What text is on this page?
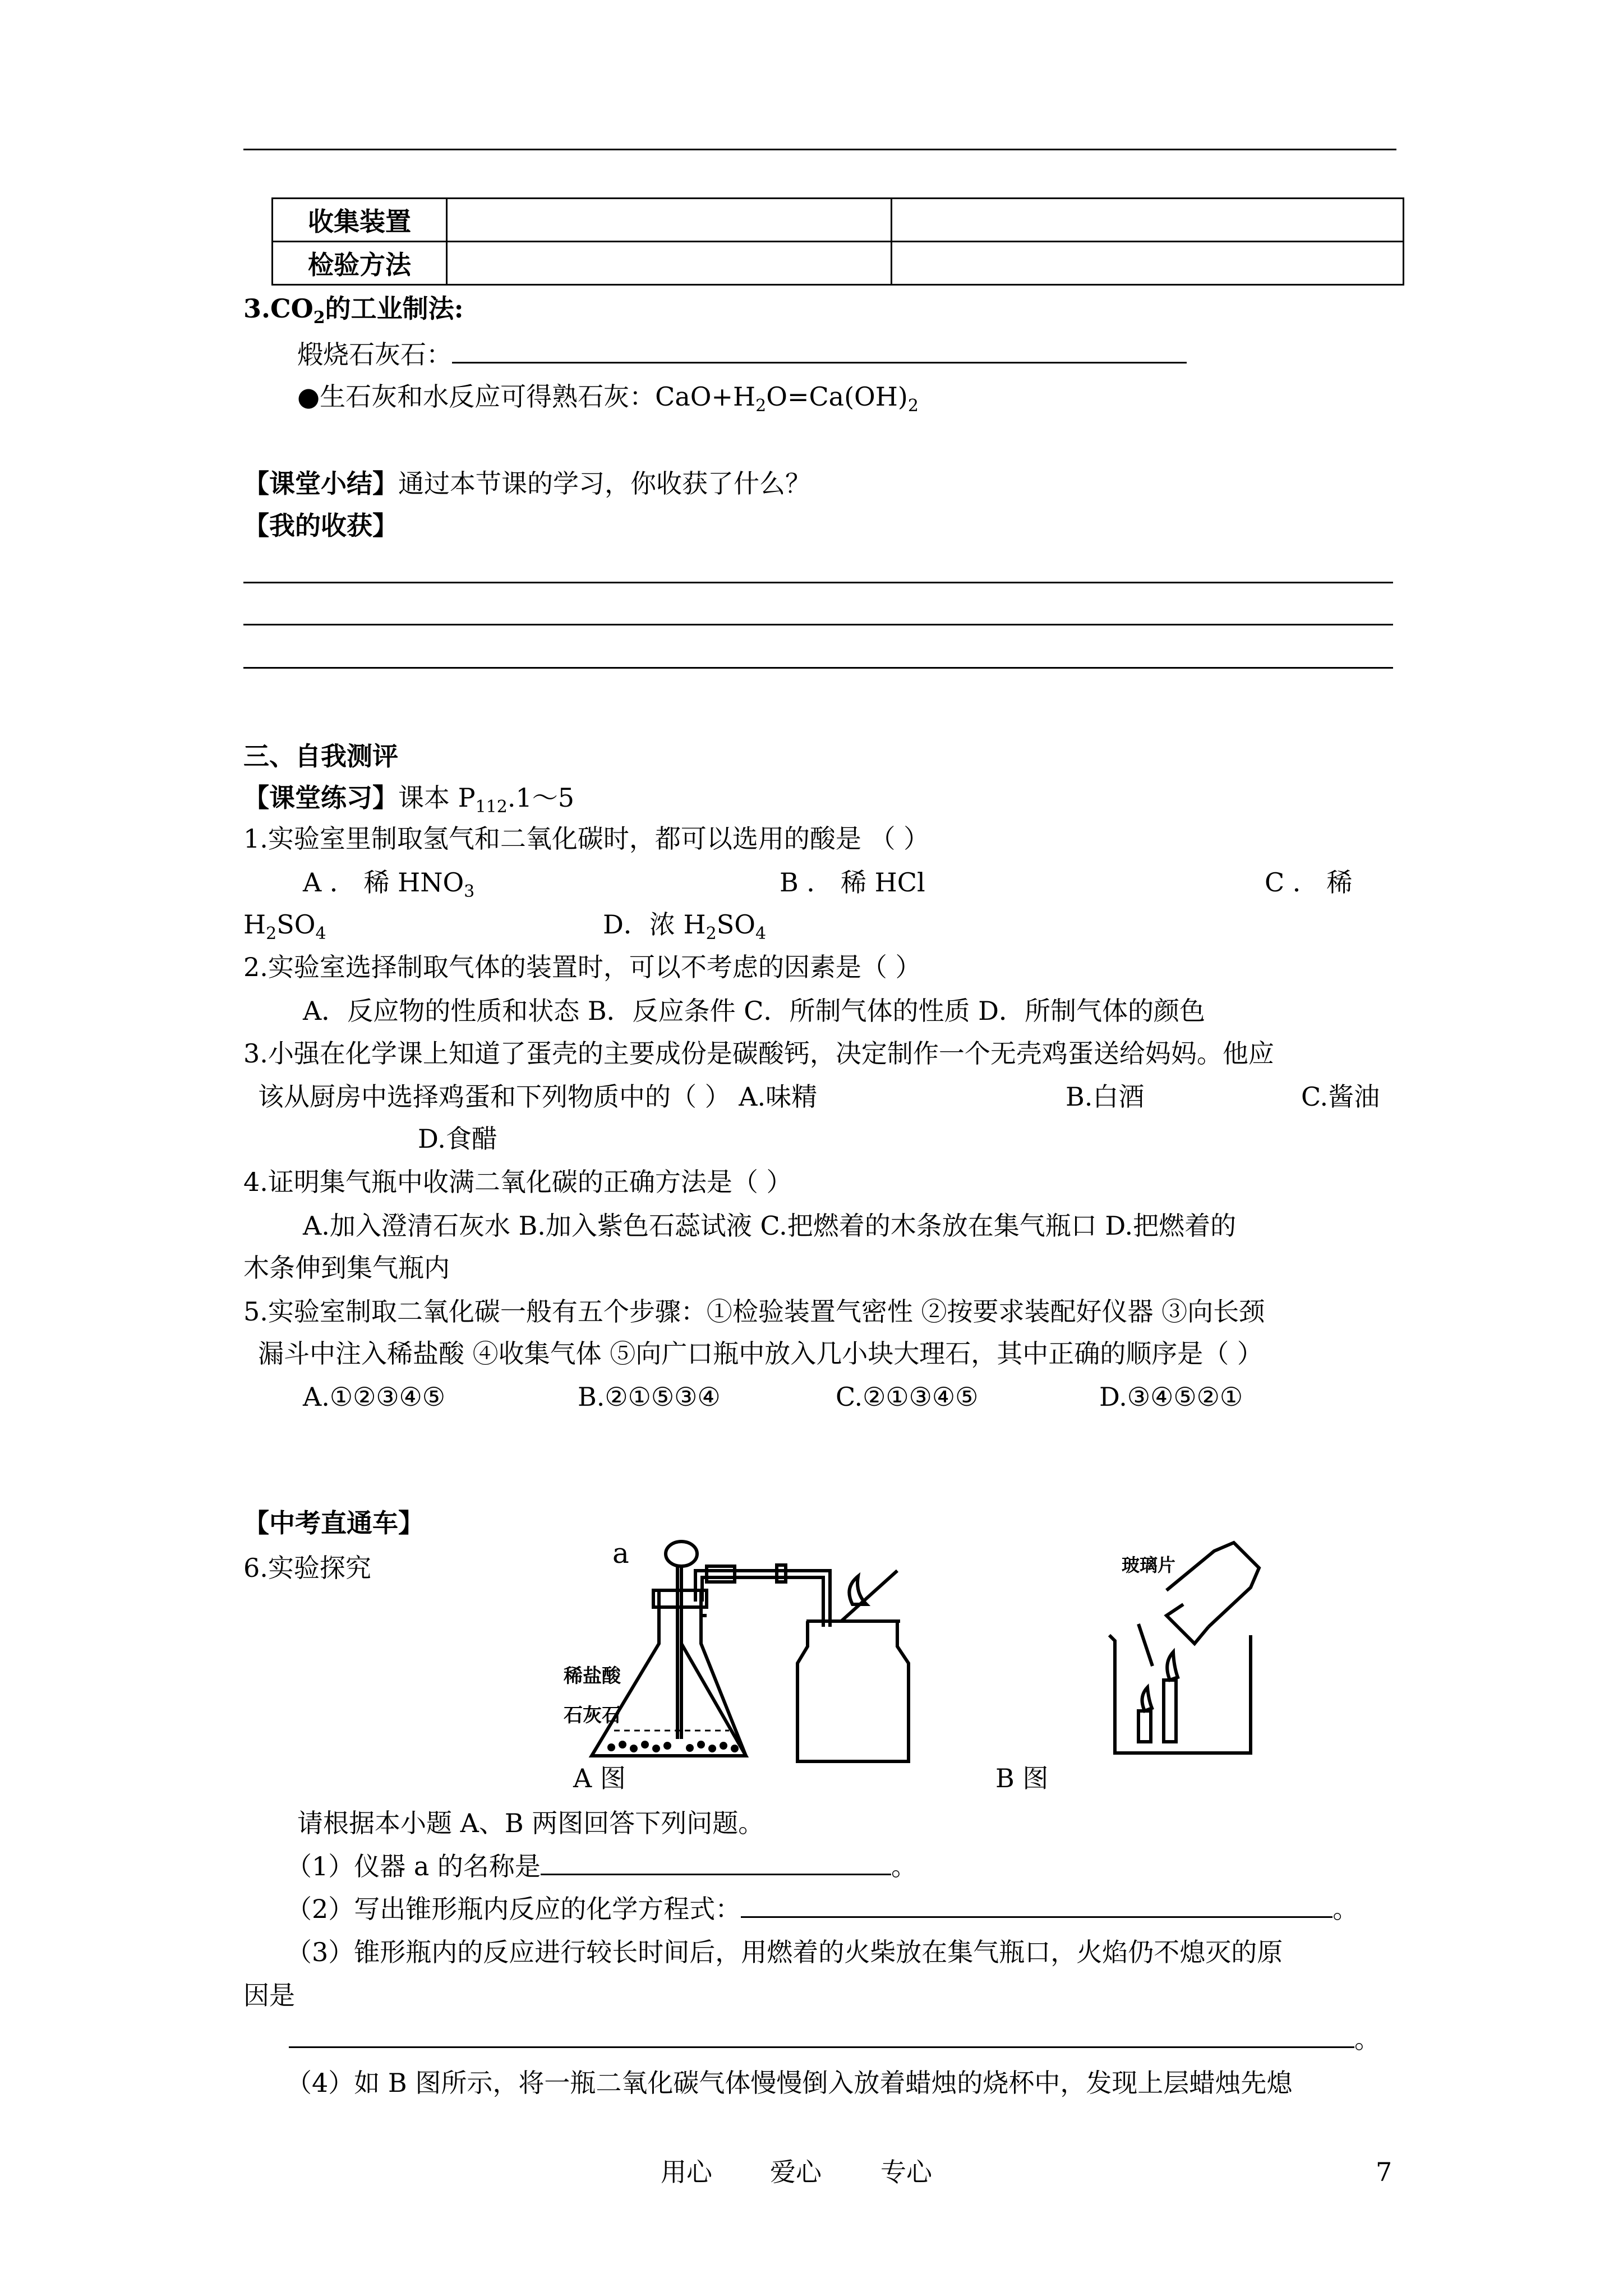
收集装置		
检验方法		
$3.CO_2$的工业制法:
煅烧石灰石：
●生石灰和水反应可得熟石灰：$CaO+H_2O=Ca(OH)_2$
【课堂小结】通过本节课的学习，你收获了什么？
【我的收获】
三、自我测评
【课堂练习】课本 $P_{112}.1\sim 5$
1.实验室里制取氢气和二氧化碳时，都可以选用的酸是 （ ）
A ． 稀 $HNO_3$	B ． 稀 HCl	C ． 稀
$H_2SO_4$	D．浓 $H_2SO_4$
2.实验室选择制取气体的装置时，可以不考虑的因素是（ ）
A．反应物的性质和状态 B．反应条件 C．所制气体的性质 D．所制气体的颜色
3.小强在化学课上知道了蛋壳的主要成份是碳酸钙，决定制作一个无壳鸡蛋送给妈妈。他应
该从厨房中选择鸡蛋和下列物质中的（ ） A.味精	B.白酒	C.酱油
D.食醋
4.证明集气瓶中收满二氧化碳的正确方法是（ ）
A.加入澄清石灰水 B.加入紫色石蕊试液 C.把燃着的木条放在集气瓶口 D.把燃着的
木条伸到集气瓶内
5.实验室制取二氧化碳一般有五个步骤：①检验装置气密性 ②按要求装配好仪器 ③向长颈
漏斗中注入稀盐酸 ④收集气体 ⑤向广口瓶中放入几小块大理石，其中正确的顺序是（ ）
A.①②③④⑤	B.②①⑤③④	C.②①③④⑤	D.③④⑤②①
【中考直通车】
6.实验探究	a
稀盐酸
石灰石
玻璃片
A 图	B 图
请根据本小题 A、B 两图回答下列问题。
（1）仪器 a 的名称是	。
（2）写出锥形瓶内反应的化学方程式：	。
（3）锥形瓶内的反应进行较长时间后，用燃着的火柴放在集气瓶口，火焰仍不熄灭的原
因是
。
（4）如 B 图所示，将一瓶二氧化碳气体慢慢倒入放着蜡烛的烧杯中，发现上层蜡烛先熄
用心 爱心 专心	7
